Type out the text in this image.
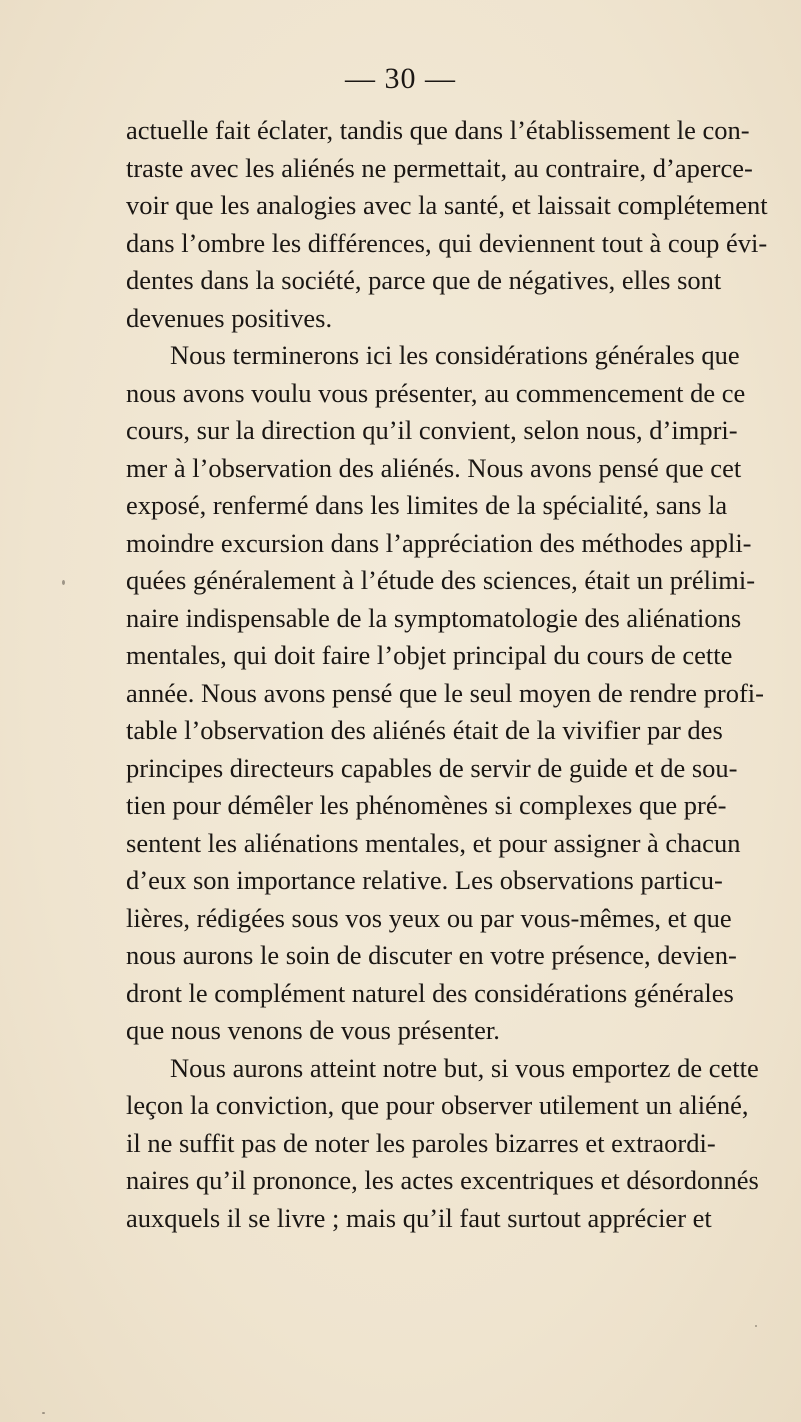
— 30 —
actuelle fait éclater, tandis que dans l’établissement le con-
traste avec les aliénés ne permettait, au contraire, d’aperce-
voir que les analogies avec la santé, et laissait complétement
dans l’ombre les différences, qui deviennent tout à coup évi-
dentes dans la société, parce que de négatives, elles sont
devenues positives.
Nous terminerons ici les considérations générales que
nous avons voulu vous présenter, au commencement de ce
cours, sur la direction qu’il convient, selon nous, d’impri-
mer à l’observation des aliénés. Nous avons pensé que cet
exposé, renfermé dans les limites de la spécialité, sans la
moindre excursion dans l’appréciation des méthodes appli-
quées généralement à l’étude des sciences, était un prélimi-
naire indispensable de la symptomatologie des aliénations
mentales, qui doit faire l’objet principal du cours de cette
année. Nous avons pensé que le seul moyen de rendre profi-
table l’observation des aliénés était de la vivifier par des
principes directeurs capables de servir de guide et de sou-
tien pour démêler les phénomènes si complexes que pré-
sentent les aliénations mentales, et pour assigner à chacun
d’eux son importance relative. Les observations particu-
lières, rédigées sous vos yeux ou par vous-mêmes, et que
nous aurons le soin de discuter en votre présence, devien-
dront le complément naturel des considérations générales
que nous venons de vous présenter.
Nous aurons atteint notre but, si vous emportez de cette
leçon la conviction, que pour observer utilement un aliéné,
il ne suffit pas de noter les paroles bizarres et extraordi-
naires qu’il prononce, les actes excentriques et désordonnés
auxquels il se livre ; mais qu’il faut surtout apprécier et
